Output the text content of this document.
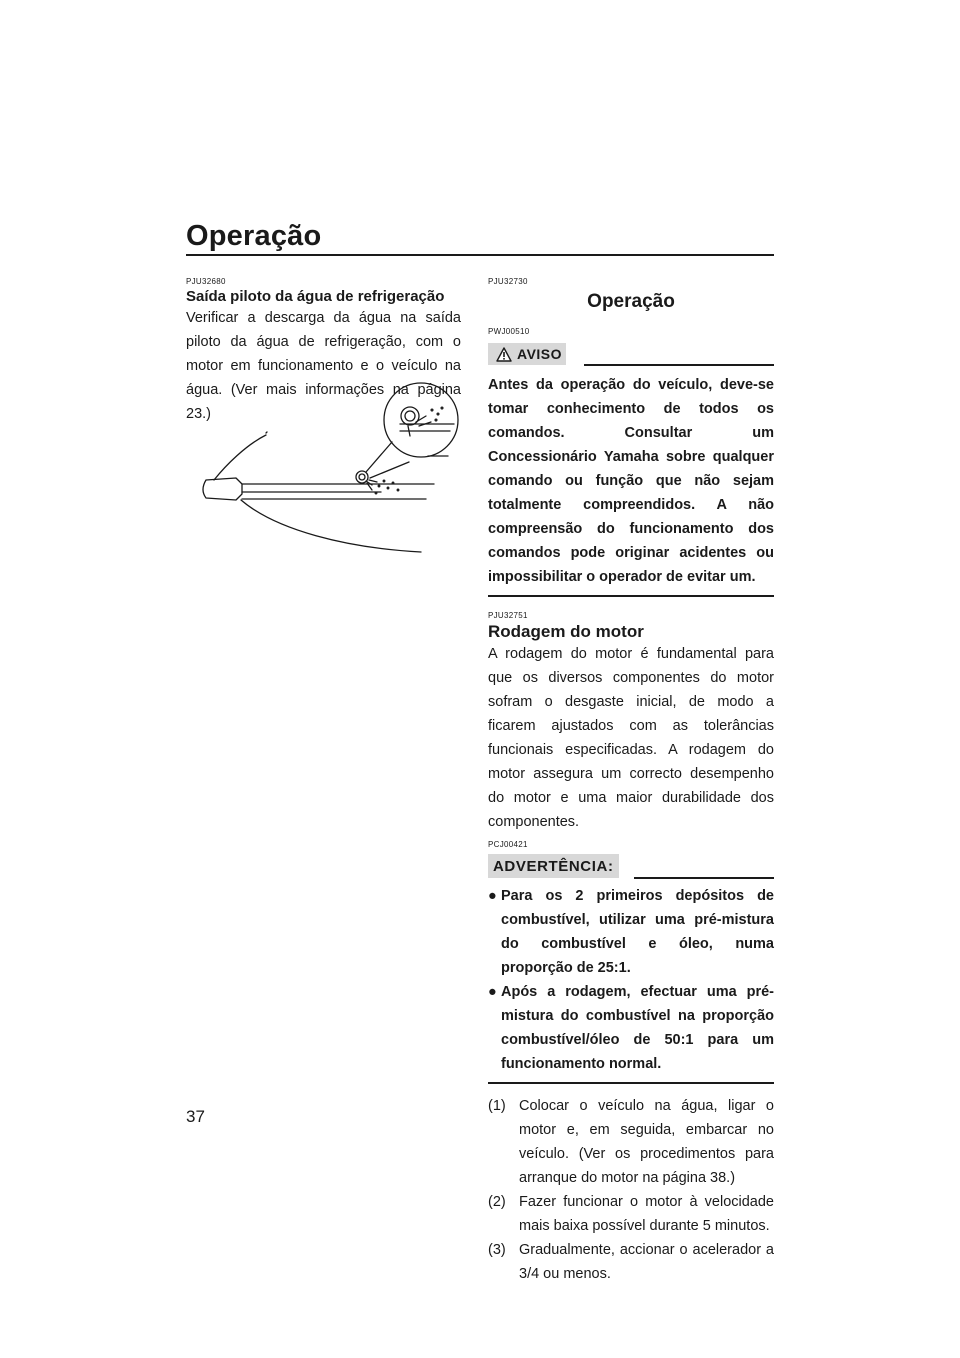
Operação
PJU32680
Saída piloto da água de refrigeração

Verificar a descarga da água na saída piloto da água de refrigeração, com o motor em funcionamento e o veículo na água. (Ver mais informações na página 23.)

PJU32730
Operação
PWJ00510
AVISO

Antes da operação do veículo, deve-se tomar conhecimento de todos os comandos. Consultar um Concessionário Yamaha sobre qualquer comando ou função que não sejam totalmente compreendidos. A não compreensão do funcionamento dos comandos pode originar acidentes ou impossibilitar o operador de evitar um.

PJU32751
Rodagem do motor

A rodagem do motor é fundamental para que os diversos componentes do motor sofram o desgaste inicial, de modo a ficarem ajustados com as tolerâncias funcionais especificadas. A rodagem do motor assegura um correcto desempenho do motor e uma maior durabilidade dos componentes.

PCJ00421
ADVERTÊNCIA:
● Para os 2 primeiros depósitos de combustível, utilizar uma pré-mistura do combustível e óleo, numa proporção de 25:1.
● Após a rodagem, efectuar uma pré-mistura do combustível na proporção combustível/óleo de 50:1 para um funcionamento normal.
(1) Colocar o veículo na água, ligar o motor e, em seguida, embarcar no veículo. (Ver os procedimentos para arranque do motor na página 38.)
(2) Fazer funcionar o motor à velocidade mais baixa possível durante 5 minutos.
(3) Gradualmente, accionar o acelerador a 3/4 ou menos.
37
